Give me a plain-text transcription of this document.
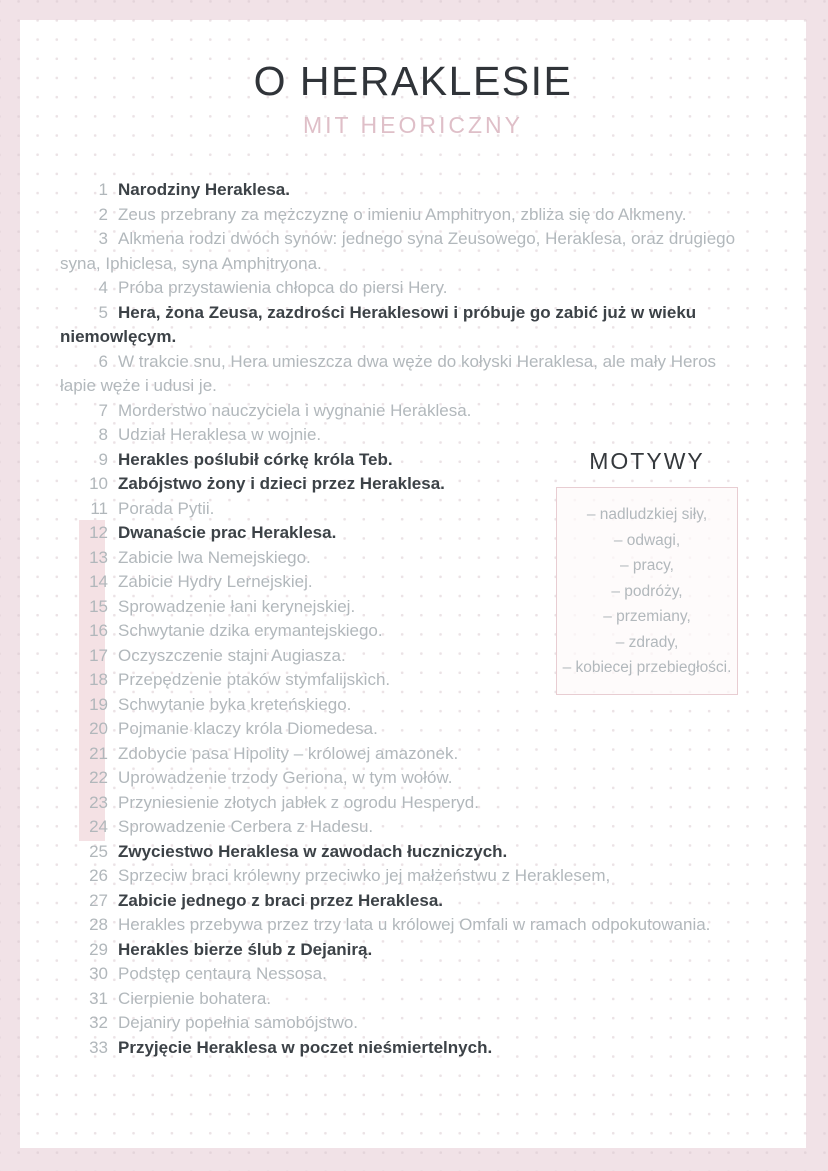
O HERAKLESIE
MIT HEORICZNY

1 Narodziny Heraklesa.

2 Zeus przebrany za mężczyznę o imieniu Amphitryon, zbliża się do Alkmeny.

3 Alkmena rodzi dwóch synów: jednego syna Zeusowego, Heraklesa, oraz drugiego syna, Iphiclesa, syna Amphitryona.

4 Próba przystawienia chłopca do piersi Hery.

5 Hera, żona Zeusa, zazdrości Heraklesowi i próbuje go zabić już w wieku niemowlęcym.

6 W trakcie snu, Hera umieszcza dwa węże do kołyski Heraklesa, ale mały Heros łapie węże i udusi je.

7 Morderstwo nauczyciela i wygnanie Heraklesa.

8 Udział Heraklesa w wojnie.

9 Herakles poślubił córkę króla Teb.

10 Zabójstwo żony i dzieci przez Heraklesa.

11 Porada Pytii.

12 Dwanaście prac Heraklesa.

13 Zabicie lwa Nemejskiego.

14 Zabicie Hydry Lernejskiej.

15 Sprowadzenie łani kerynejskiej.

16 Schwytanie dzika erymantejskiego.

17 Oczyszczenie stajni Augiasza.

18 Przepędzenie ptaków stymfalijskich.

19 Schwytanie byka kreteńskiego.

20 Pojmanie klaczy króla Diomedesa.

21 Zdobycie pasa Hipolity – królowej amazonek.

22 Uprowadzenie trzody Geriona, w tym wołów.

23 Przyniesienie złotych jabłek z ogrodu Hesperyd.

24 Sprowadzenie Cerbera z Hadesu.

25 Zwyciestwo Heraklesa w zawodach łuczniczych.

26 Sprzeciw braci królewny przeciwko jej małżeństwu z Heraklesem,

27 Zabicie jednego z braci przez Heraklesa.

28 Herakles przebywa przez trzy lata u królowej Omfali w ramach odpokutowania.

29 Herakles bierze ślub z Dejanirą.

30 Podstęp centaura Nessosa.

31 Cierpienie bohatera.

32 Dejaniry popełnia samobójstwo.

33 Przyjęcie Heraklesa w poczet nieśmiertelnych.

MOTYWY
– nadludzkiej siły,
– odwagi,
– pracy,
– podróży,
– przemiany,
– zdrady,
– kobiecej przebiegłości.
